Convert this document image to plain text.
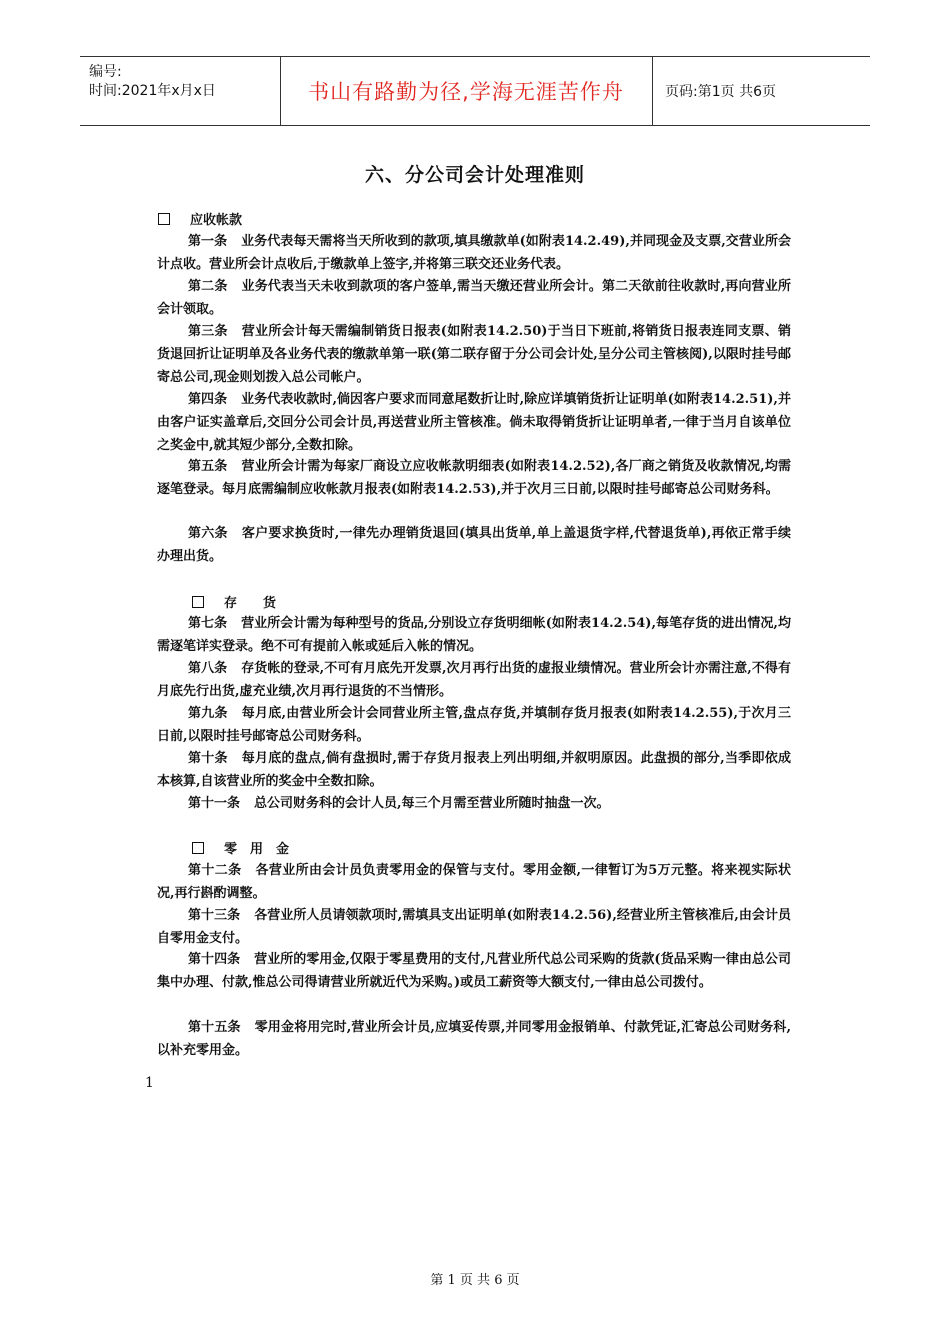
编号:
时间:2021年x月x日	书山有路勤为径,学海无涯苦作舟	页码:第1页 共6页
六、分公司会计处理准则
应收帐款
第一条 业务代表每天需将当天所收到的款项,填具缴款单(如附表14.2.49),并同现金及支票,交营业所会计点收。营业所会计点收后,于缴款单上签字,并将第三联交还业务代表。
第二条 业务代表当天未收到款项的客户签单,需当天缴还营业所会计。第二天欲前往收款时,再向营业所会计领取。
第三条 营业所会计每天需编制销货日报表(如附表14.2.50)于当日下班前,将销货日报表连同支票、销货退回折让证明单及各业务代表的缴款单第一联(第二联存留于分公司会计处,呈分公司主管核阅),以限时挂号邮寄总公司,现金则划拨入总公司帐户。
第四条 业务代表收款时,倘因客户要求而同意尾数折让时,除应详填销货折让证明单(如附表14.2.51),并由客户证实盖章后,交回分公司会计员,再送营业所主管核准。倘未取得销货折让证明单者,一律于当月自该单位之奖金中,就其短少部分,全数扣除。
第五条 营业所会计需为每家厂商设立应收帐款明细表(如附表14.2.52),各厂商之销货及收款情况,均需逐笔登录。每月底需编制应收帐款月报表(如附表14.2.53),并于次月三日前,以限时挂号邮寄总公司财务科。
第六条 客户要求换货时,一律先办理销货退回(填具出货单,单上盖退货字样,代替退货单),再依正常手续办理出货。
存　　货
第七条 营业所会计需为每种型号的货品,分别设立存货明细帐(如附表14.2.54),每笔存货的进出情况,均需逐笔详实登录。绝不可有提前入帐或延后入帐的情况。
第八条 存货帐的登录,不可有月底先开发票,次月再行出货的虚报业绩情况。营业所会计亦需注意,不得有月底先行出货,虚充业绩,次月再行退货的不当情形。
第九条 每月底,由营业所会计会同营业所主管,盘点存货,并填制存货月报表(如附表14.2.55),于次月三日前,以限时挂号邮寄总公司财务科。
第十条 每月底的盘点,倘有盘损时,需于存货月报表上列出明细,并叙明原因。此盘损的部分,当季即依成本核算,自该营业所的奖金中全数扣除。
第十一条 总公司财务科的会计人员,每三个月需至营业所随时抽盘一次。
零　用　金
第十二条 各营业所由会计员负责零用金的保管与支付。零用金额,一律暂订为5万元整。将来视实际状况,再行斟酌调整。
第十三条 各营业所人员请领款项时,需填具支出证明单(如附表14.2.56),经营业所主管核准后,由会计员自零用金支付。
第十四条 营业所的零用金,仅限于零星费用的支付,凡营业所代总公司采购的货款(货品采购一律由总公司集中办理、付款,惟总公司得请营业所就近代为采购。)或员工薪资等大额支付,一律由总公司拨付。
第十五条 零用金将用完时,营业所会计员,应填妥传票,并同零用金报销单、付款凭证,汇寄总公司财务科,以补充零用金。
1
第 1 页 共 6 页
